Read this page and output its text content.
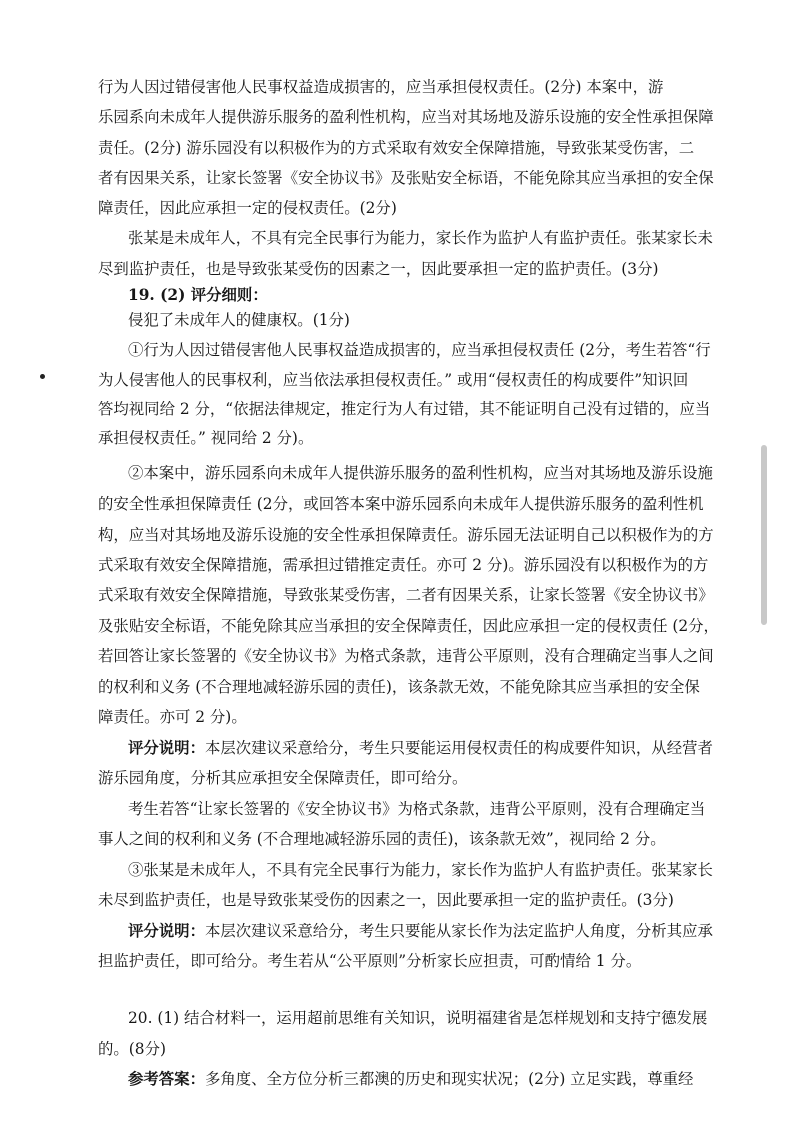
行为人因过错侵害他人民事权益造成损害的，应当承担侵权责任。(2分) 本案中，游
乐园系向未成年人提供游乐服务的盈利性机构，应当对其场地及游乐设施的安全性承担保障
责任。(2分) 游乐园没有以积极作为的方式采取有效安全保障措施，导致张某受伤害，二
者有因果关系，让家长签署《安全协议书》及张贴安全标语，不能免除其应当承担的安全保
障责任，因此应承担一定的侵权责任。(2分)
张某是未成年人，不具有完全民事行为能力，家长作为监护人有监护责任。张某家长未
尽到监护责任，也是导致张某受伤的因素之一，因此要承担一定的监护责任。(3分)
19. (2) 评分细则：
侵犯了未成年人的健康权。(1分)
①行为人因过错侵害他人民事权益造成损害的，应当承担侵权责任 (2分，考生若答“行
为人侵害他人的民事权利，应当依法承担侵权责任。” 或用“侵权责任的构成要件”知识回
答均视同给 2 分，“依据法律规定，推定行为人有过错，其不能证明自己没有过错的，应当
承担侵权责任。” 视同给 2 分)。
②本案中，游乐园系向未成年人提供游乐服务的盈利性机构，应当对其场地及游乐设施
的安全性承担保障责任 (2分，或回答本案中游乐园系向未成年人提供游乐服务的盈利性机
构，应当对其场地及游乐设施的安全性承担保障责任。游乐园无法证明自己以积极作为的方
式采取有效安全保障措施，需承担过错推定责任。亦可 2 分)。游乐园没有以积极作为的方
式采取有效安全保障措施，导致张某受伤害，二者有因果关系，让家长签署《安全协议书》
及张贴安全标语，不能免除其应当承担的安全保障责任，因此应承担一定的侵权责任 (2分，
若回答让家长签署的《安全协议书》为格式条款，违背公平原则，没有合理确定当事人之间
的权利和义务 (不合理地减轻游乐园的责任)，该条款无效，不能免除其应当承担的安全保
障责任。亦可 2 分)。
评分说明：本层次建议采意给分，考生只要能运用侵权责任的构成要件知识，从经营者
游乐园角度，分析其应承担安全保障责任，即可给分。
考生若答“让家长签署的《安全协议书》为格式条款，违背公平原则，没有合理确定当
事人之间的权利和义务 (不合理地减轻游乐园的责任)，该条款无效”，视同给 2 分。
③张某是未成年人，不具有完全民事行为能力，家长作为监护人有监护责任。张某家长
未尽到监护责任，也是导致张某受伤的因素之一，因此要承担一定的监护责任。(3分)
评分说明：本层次建议采意给分，考生只要能从家长作为法定监护人角度，分析其应承
担监护责任，即可给分。考生若从“公平原则”分析家长应担责，可酌情给 1 分。
20. (1) 结合材料一，运用超前思维有关知识，说明福建省是怎样规划和支持宁德发展
的。(8分)
参考答案：多角度、全方位分析三都澳的历史和现实状况；(2分) 立足实践，尊重经
